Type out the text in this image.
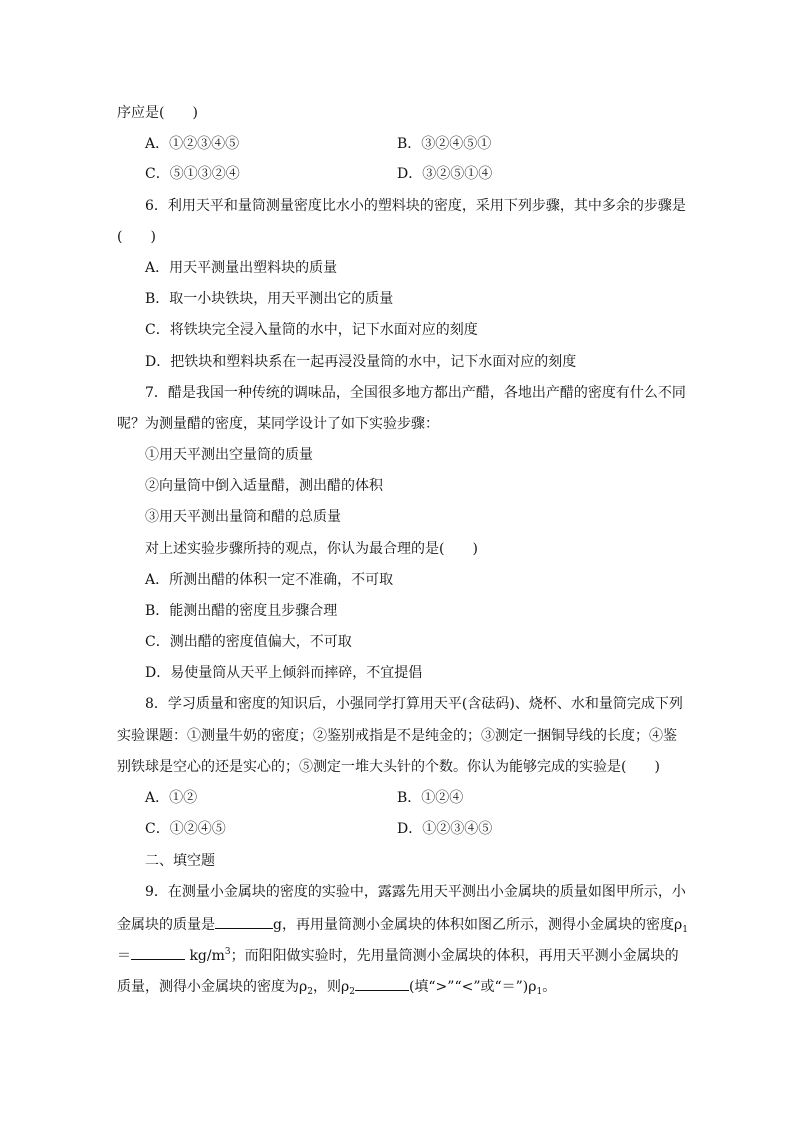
序应是(　　)
A．①②③④⑤	B．③②④⑤①
C．⑤①③②④	D．③②⑤①④
6．利用天平和量筒测量密度比水小的塑料块的密度，采用下列步骤，其中多余的步骤是
(　　)
A．用天平测量出塑料块的质量
B．取一小块铁块，用天平测出它的质量
C．将铁块完全浸入量筒的水中，记下水面对应的刻度
D．把铁块和塑料块系在一起再浸没量筒的水中，记下水面对应的刻度
7．醋是我国一种传统的调味品，全国很多地方都出产醋，各地出产醋的密度有什么不同
呢？为测量醋的密度，某同学设计了如下实验步骤：
①用天平测出空量筒的质量
②向量筒中倒入适量醋，测出醋的体积
③用天平测出量筒和醋的总质量
对上述实验步骤所持的观点，你认为最合理的是(　　)
A．所测出醋的体积一定不准确，不可取
B．能测出醋的密度且步骤合理
C．测出醋的密度值偏大，不可取
D．易使量筒从天平上倾斜而摔碎，不宜提倡
8．学习质量和密度的知识后，小强同学打算用天平(含砝码)、烧杯、水和量筒完成下列
实验课题：①测量牛奶的密度；②鉴别戒指是不是纯金的；③测定一捆铜导线的长度；④鉴
别铁球是空心的还是实心的；⑤测定一堆大头针的个数。你认为能够完成的实验是(　　)
A．①②	B．①②④
C．①②④⑤	D．①②③④⑤
二、填空题
9．在测量小金属块的密度的实验中，露露先用天平测出小金属块的质量如图甲所示，小
金属块的质量是	g，再用量筒测小金属块的体积如图乙所示，测得小金属块的密度$\rho_1$
＝	$kg/m^3$；而阳阳做实验时，先用量筒测小金属块的体积，再用天平测小金属块的
质量，测得小金属块的密度为$\rho_2$，则$\rho_2$	(填“>”“<”或“$=”)\rho_1$。
